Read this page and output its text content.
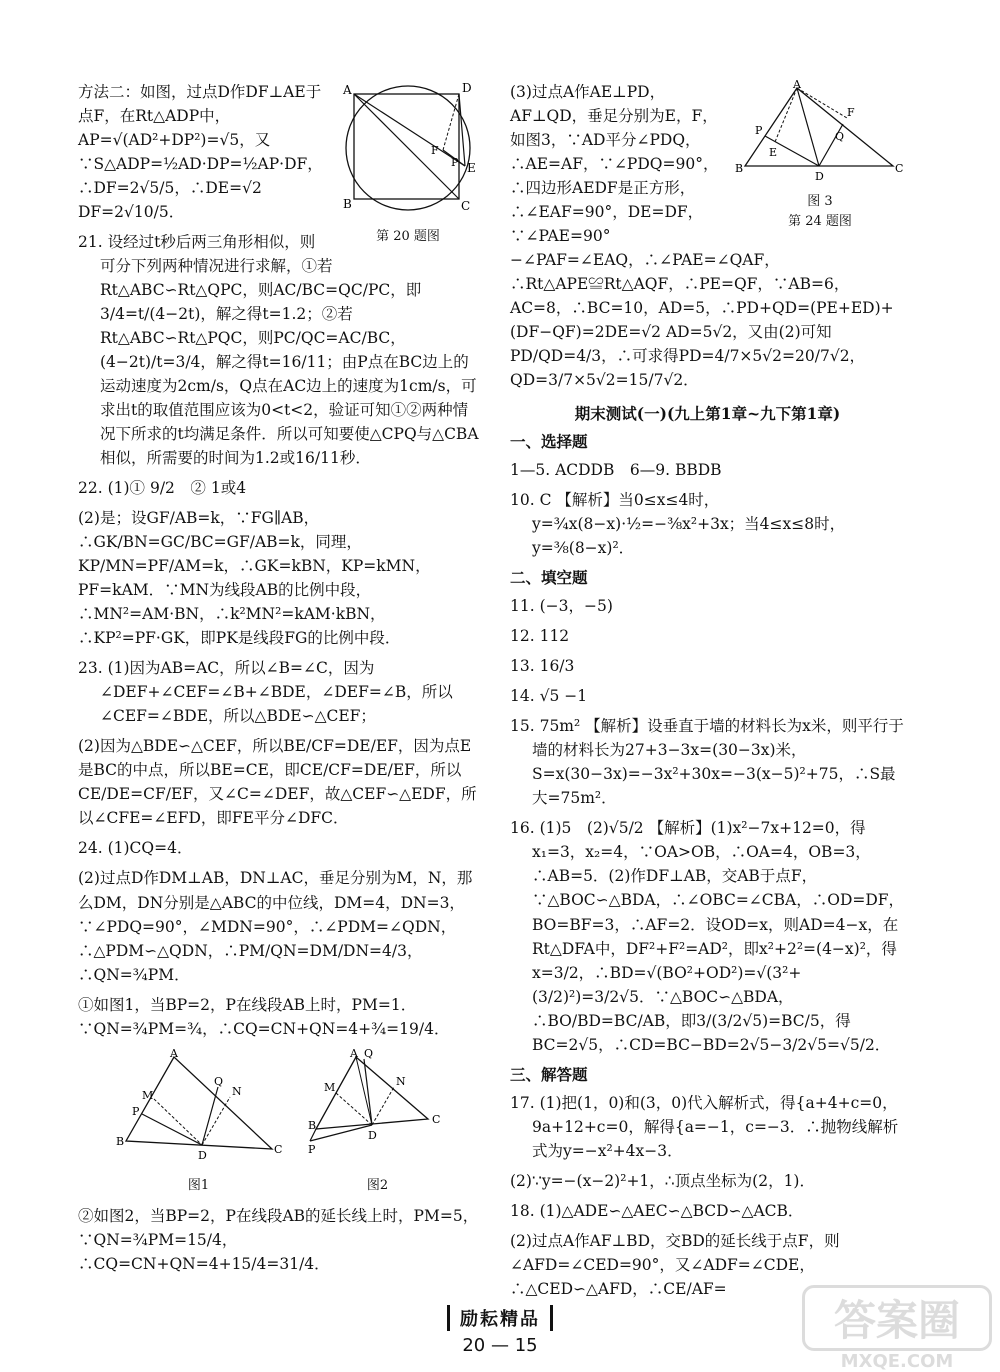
A	D
F
P E
B	C
第 20 题图

方法二：如图，过点D作DF⊥AE于点F，在Rt△ADP中，AP=√(AD²+DP²)=√5，又∵S△ADP=½AD·DP=½AP·DF，∴DF=2√5/5，∴DE=√2 DF=2√10/5．

21. 设经过t秒后两三角形相似，则可分下列两种情况进行求解，①若Rt△ABC∽Rt△QPC，则AC/BC=QC/PC，即3/4=t/(4−2t)，解之得t=1.2；②若Rt△ABC∽Rt△PQC，则PC/QC=AC/BC，(4−2t)/t=3/4，解之得t=16/11；由P点在BC边上的运动速度为2cm/s，Q点在AC边上的速度为1cm/s，可求出t的取值范围应该为0<t<2，验证可知①②两种情况下所求的t均满足条件．所以可知要使△CPQ与△CBA相似，所需要的时间为1.2或16/11秒．

22. (1)① 9/2　② 1或4

(2)是；设GF/AB=k，∵FG∥AB，∴GK/BN=GC/BC=GF/AB=k，同理，KP/MN=PF/AM=k，∴GK=kBN，KP=kMN，PF=kAM．∵MN为线段AB的比例中段，∴MN²=AM·BN，∴k²MN²=kAM·kBN，∴KP²=PF·GK，即PK是线段FG的比例中段．

23. (1)因为AB=AC，所以∠B=∠C，因为∠DEF+∠CEF=∠B+∠BDE，∠DEF=∠B，所以∠CEF=∠BDE，所以△BDE∽△CEF；

(2)因为△BDE∽△CEF，所以BE/CF=DE/EF，因为点E是BC的中点，所以BE=CE，即CE/CF=DE/EF，所以CE/DE=CF/EF，又∠C=∠DEF，故△CEF∽△EDF，所以∠CFE=∠EFD，即FE平分∠DFC．

24. (1)CQ=4．

(2)过点D作DM⊥AB，DN⊥AC，垂足分别为M，N，那么DM，DN分别是△ABC的中位线，DM=4，DN=3，∵∠PDQ=90°，∠MDN=90°，∴∠PDM=∠QDN，∴△PDM∽△QDN，∴PM/QN=DM/DN=4/3，∴QN=¾PM．

①如图1，当BP=2，P在线段AB上时，PM=1．∵QN=¾PM=¾，∴CQ=CN+QN=4+¾=19/4．

A
M
Q
N
P
B
D	C
图1
A Q
M	N
P
B
D
C
图2

②如图2，当BP=2，P在线段AB的延长线上时，PM=5，∵QN=¾PM=15/4，∴CQ=CN+QN=4+15/4=31/4．

A
F
P	Q
E
B
D
C
图 3
第 24 题图

(3)过点A作AE⊥PD，AF⊥QD，垂足分别为E，F，如图3，∵AD平分∠PDQ，∴AE=AF，∵∠PDQ=90°，∴四边形AEDF是正方形，∴∠EAF=90°，DE=DF，∵∠PAE=90°−∠PAF=∠EAQ，∴∠PAE=∠QAF，∴Rt△APE≌Rt△AQF，∴PE=QF，∵AB=6，AC=8，∴BC=10，AD=5，∴PD+QD=(PE+ED)+(DF−QF)=2DE=√2 AD=5√2，又由(2)可知PD/QD=4/3，∴可求得PD=4/7×5√2=20/7√2，QD=3/7×5√2=15/7√2．

期末测试(一)(九上第1章~九下第1章)
一、选择题

1—5. ACDDB　6—9. BBDB

10. C 【解析】当0≤x≤4时，y=¾x(8−x)·½=−⅜x²+3x；当4≤x≤8时，y=⅜(8−x)²．

二、填空题

11. (−3，−5)

12. 112

13. 16/3

14. √5 −1

15. 75m² 【解析】设垂直于墙的材料长为x米，则平行于墙的材料长为27+3−3x=(30−3x)米，S=x(30−3x)=−3x²+30x=−3(x−5)²+75，∴S最大=75m²．

16. (1)5　(2)√5/2 【解析】(1)x²−7x+12=0，得x₁=3，x₂=4，∵OA>OB，∴OA=4，OB=3，∴AB=5．(2)作DF⊥AB，交AB于点F，∵△BOC∽△BDA，∴∠OBC=∠CBA，∴OD=DF，BO=BF=3，∴AF=2．设OD=x，则AD=4−x，在Rt△DFA中，DF²+F²=AD²，即x²+2²=(4−x)²，得x=3/2，∴BD=√(BO²+OD²)=√(3²+(3/2)²)=3/2√5．∵△BOC∽△BDA，∴BO/BD=BC/AB，即3/(3/2√5)=BC/5，得BC=2√5，∴CD=BC−BD=2√5−3/2√5=√5/2．

三、解答题

17. (1)把(1，0)和(3，0)代入解析式，得{a+4+c=0，9a+12+c=0，解得{a=−1，c=−3．∴抛物线解析式为y=−x²+4x−3．

(2)∵y=−(x−2)²+1，∴顶点坐标为(2，1)．

18. (1)△ADE∽△AEC∽△BCD∽△ACB．

(2)过点A作AF⊥BD，交BD的延长线于点F，则∠AFD=∠CED=90°，又∠ADF=∠CDE，∴△CED∽△AFD，∴CE/AF=

励耘精品
20 — 15
答案圈
MXQE.COM
